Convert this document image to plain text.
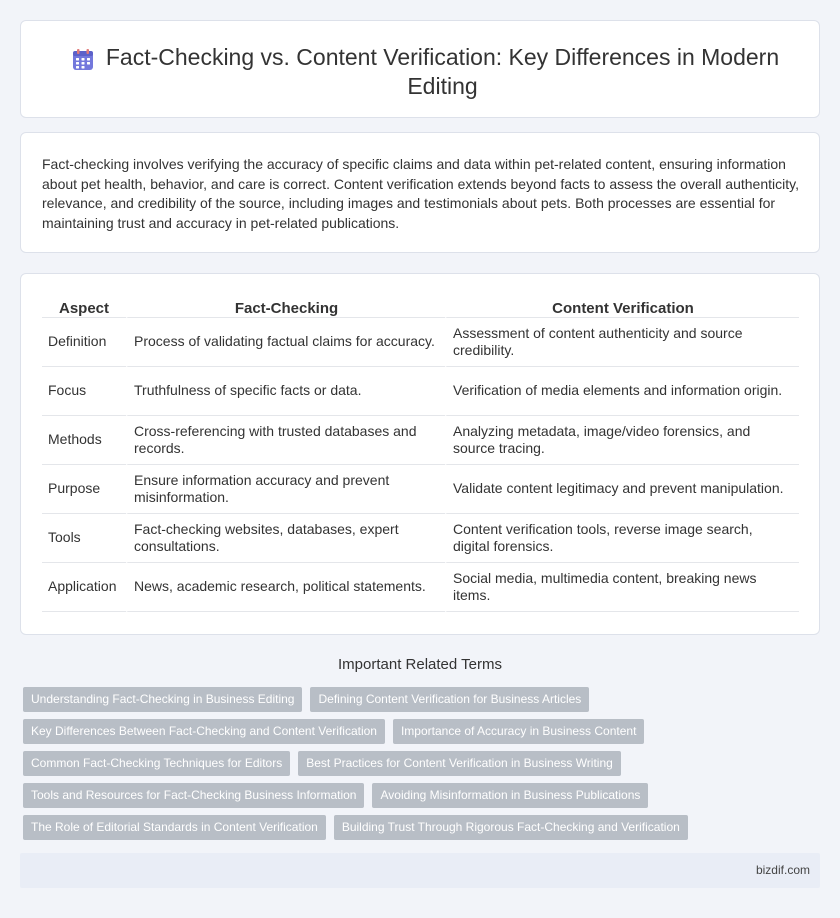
Fact-Checking vs. Content Verification: Key Differences in Modern Editing

Fact-checking involves verifying the accuracy of specific claims and data within pet-related content, ensuring information about pet health, behavior, and care is correct. Content verification extends beyond facts to assess the overall authenticity, relevance, and credibility of the source, including images and testimonials about pets. Both processes are essential for maintaining trust and accuracy in pet-related publications.

Aspect	Fact-Checking	Content Verification
Definition	Process of validating factual claims for accuracy.	Assessment of content authenticity and source credibility.
Focus	Truthfulness of specific facts or data.	Verification of media elements and information origin.
Methods	Cross-referencing with trusted databases and records.	Analyzing metadata, image/video forensics, and source tracing.
Purpose	Ensure information accuracy and prevent misinformation.	Validate content legitimacy and prevent manipulation.
Tools	Fact-checking websites, databases, expert consultations.	Content verification tools, reverse image search, digital forensics.
Application	News, academic research, political statements.	Social media, multimedia content, breaking news items.
Important Related Terms
Understanding Fact-Checking in Business Editing	Defining Content Verification for Business Articles
Key Differences Between Fact-Checking and Content Verification	Importance of Accuracy in Business Content
Common Fact-Checking Techniques for Editors	Best Practices for Content Verification in Business Writing
Tools and Resources for Fact-Checking Business Information	Avoiding Misinformation in Business Publications
The Role of Editorial Standards in Content Verification	Building Trust Through Rigorous Fact-Checking and Verification
bizdif.com
